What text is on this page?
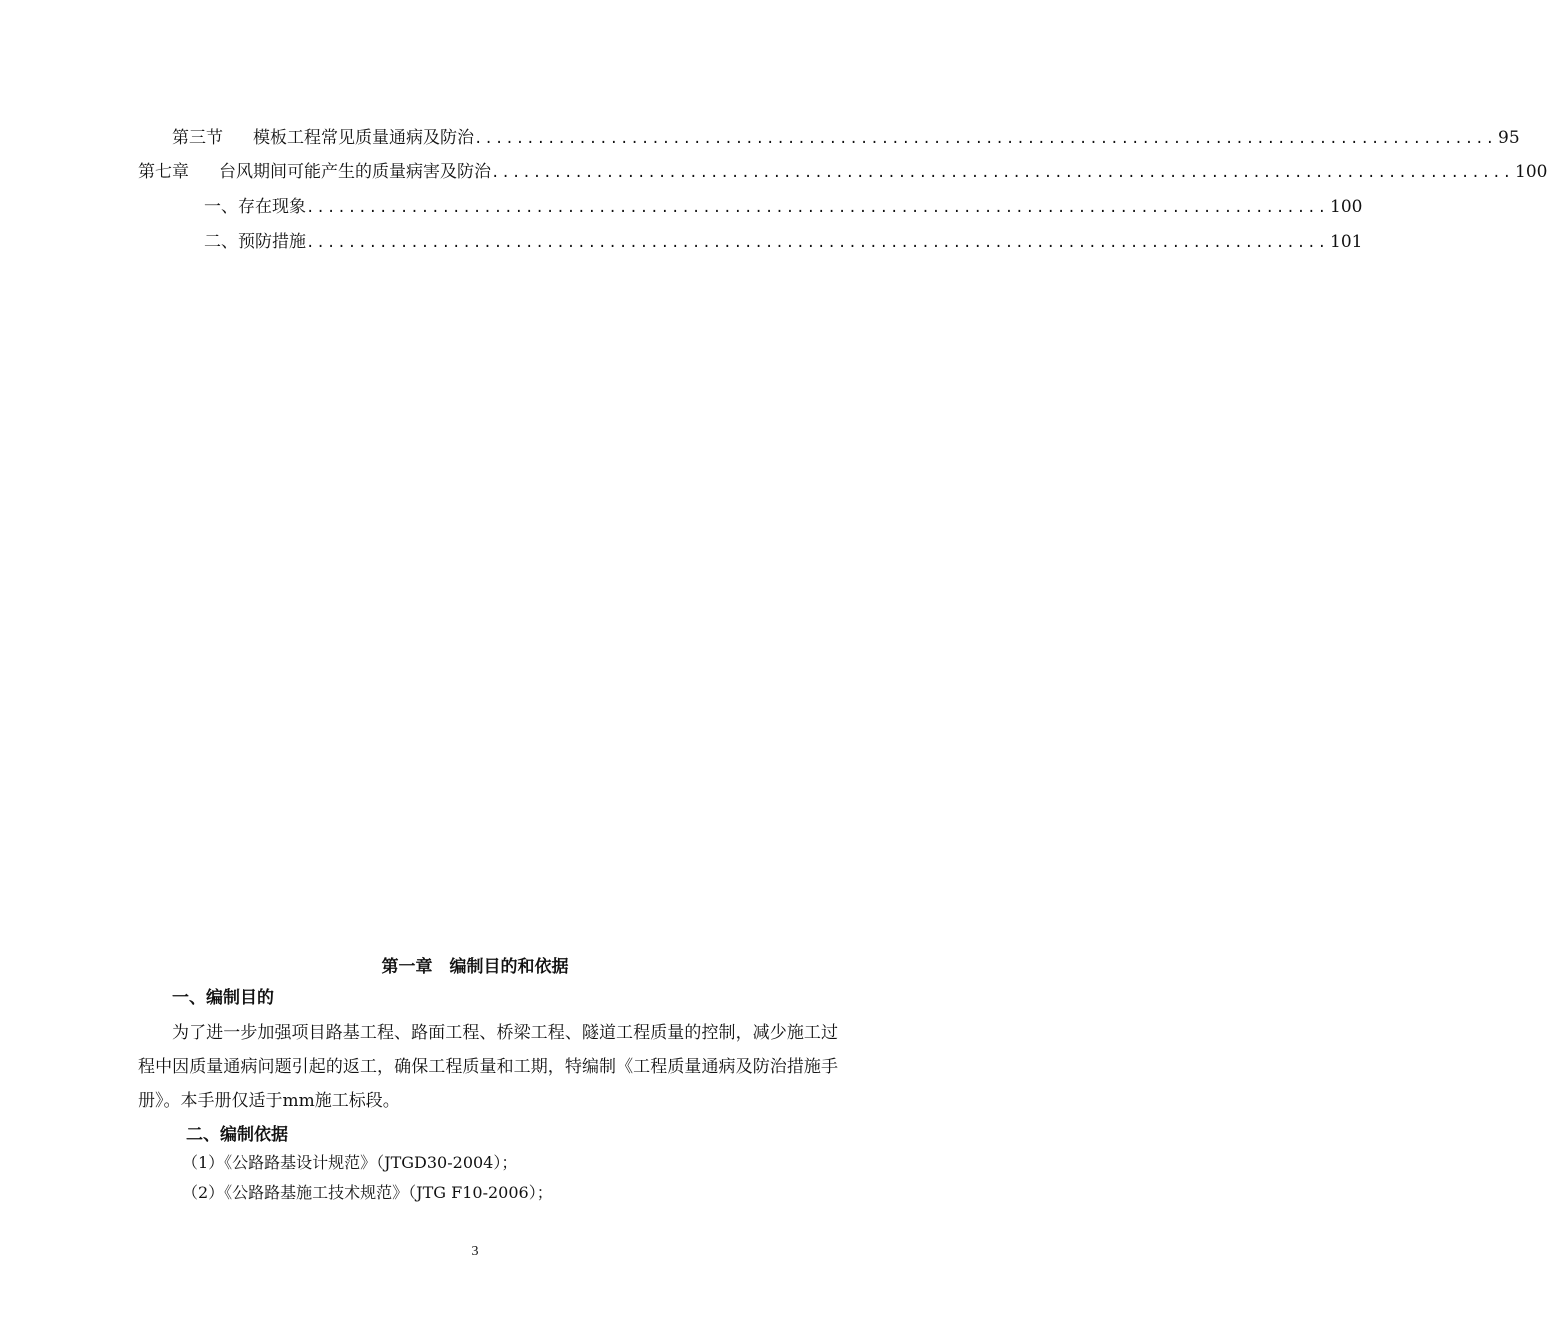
第三节 模板工程常见质量通病及防治 .................................................................................................. 95
第七章 台风期间可能产生的质量病害及防治 .................................................................................................. 100
一、存在现象 .................................................................................................. 100
二、预防措施 .................................................................................................. 101
第一章　编制目的和依据
一、编制目的

为了进一步加强项目路基工程、路面工程、桥梁工程、隧道工程质量的控制，减少施工过程中因质量通病问题引起的返工，确保工程质量和工期，特编制《工程质量通病及防治措施手册》。本手册仅适于mm施工标段。

二、编制依据
（1）《公路路基设计规范》（JTGD30-2004）；
（2）《公路路基施工技术规范》（JTG F10-2006）；
3
